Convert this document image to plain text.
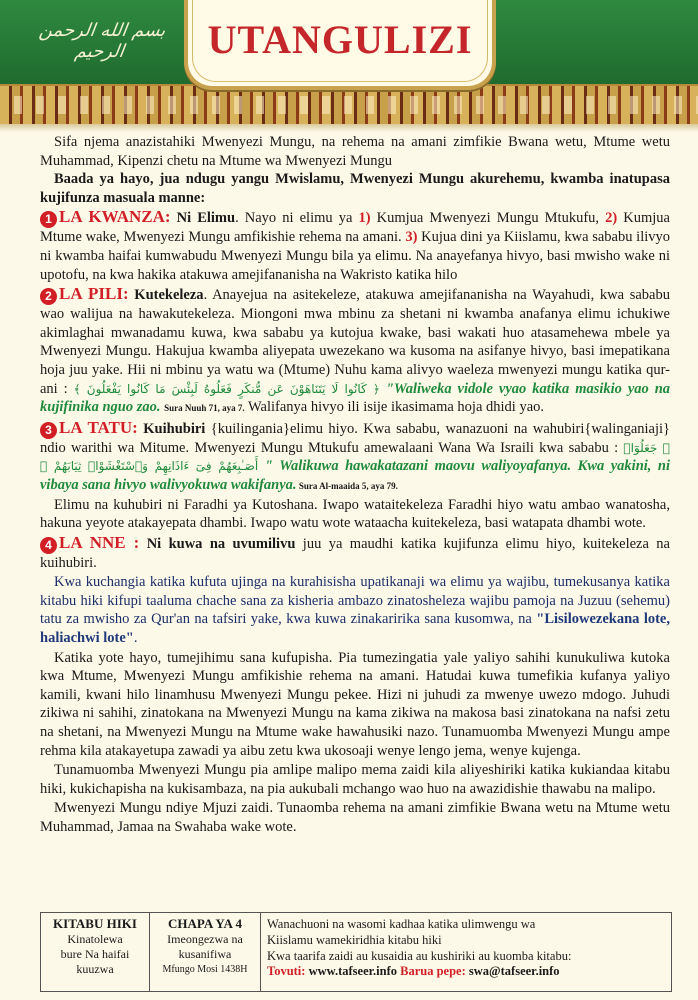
بسم الله الرحمن الرحيم	UTANGULIZI

Sifa njema anazistahiki Mwenyezi Mungu, na rehema na amani zimfikie Bwana wetu, Mtume wetu Muhammad, Kipenzi chetu na Mtume wa Mwenyezi Mungu

Baada ya hayo, jua ndugu yangu Mwislamu, Mwenyezi Mungu akurehemu, kwamba inatupasa kujifunza masuala manne:

1 LA KWANZA: Ni Elimu. Nayo ni elimu ya 1) Kumjua Mwenyezi Mungu Mtukufu, 2) Kumjua Mtume wake, Mwenyezi Mungu amfikishie rehema na amani. 3) Kujua dini ya Kiislamu, kwa sababu ilivyo ni kwamba haifai kumwabudu Mwenyezi Mungu bila ya elimu. Na anayefanya hivyo, basi mwisho wake ni upotofu, na kwa hakika atakuwa amejifananisha na Wakristo katika hilo

2 LA PILI: Kutekeleza. Anayejua na asitekeleze, atakuwa amejifananisha na Wayahudi, kwa sababu wao walijua na hawakutekeleza. Miongoni mwa mbinu za shetani ni kwamba anafanya elimu ichukiwe akimlaghai mwanadamu kuwa, kwa sababu ya kutojua kwake, basi wakati huo atasamehewa mbele ya Mwenyezi Mungu. Hakujua kwamba aliyepata uwezekano wa kusoma na asifanye hivyo, basi imepatikana hoja juu yake. Hii ni mbinu ya watu wa (Mtume) Nuhu kama alivyo waeleza mwenyezi mungu katika qur-ani : ﴿ كَانُوا لَا يَتَنَاهَوْنَ عَن مُّنكَرٍ فَعَلُوهُ لَبِئْسَ مَا كَانُوا يَفْعَلُونَ ﴾ "Waliweka vidole vyao katika masikio yao na kujifinika nguo zao. Sura Nuuh 71, aya 7. Walifanya hivyo ili isije ikasimama hoja dhidi yao.

3 LA TATU: Kuihubiri {kuilingania}elimu hiyo. Kwa sababu, wanazuoni na wahubiri{walinganiaji} ndio warithi wa Mitume. Mwenyezi Mungu Mtukufu amewalaani Wana Wa Israili kwa sababu : ﴿ جَعَلُوٓا۟ أَصَـٰبِعَهُمْ فِىٓ ءَاذَانِهِمْ وَٱسْتَغْشَوْا۟ ثِيَابَهُمْ ﴾ " Walikuwa hawakatazani maovu waliyoyafanya. Kwa yakini, ni vibaya sana hivyo walivyokuwa wakifanya. Sura Al-maaida 5, aya 79.

Elimu na kuhubiri ni Faradhi ya Kutoshana. Iwapo wataitekeleza Faradhi hiyo watu ambao wanatosha, hakuna yeyote atakayepata dhambi. Iwapo watu wote wataacha kuitekeleza, basi watapata dhambi wote.

4 LA NNE : Ni kuwa na uvumilivu juu ya maudhi katika kujifunza elimu hiyo, kuitekeleza na kuihubiri.

Kwa kuchangia katika kufuta ujinga na kurahisisha upatikanaji wa elimu ya wajibu, tumekusanya katika kitabu hiki kifupi taaluma chache sana za kisheria ambazo zinatosheleza wajibu pamoja na Juzuu (sehemu) tatu za mwisho za Qur'an na tafsiri yake, kwa kuwa zinakaririka sana kusomwa, na "Lisilowezekana lote, haliachwi lote".

Katika yote hayo, tumejihimu sana kufupisha. Pia tumezingatia yale yaliyo sahihi kunukuliwa kutoka kwa Mtume, Mwenyezi Mungu amfikishie rehema na amani. Hatudai kuwa tumefikia kufanya yaliyo kamili, kwani hilo linamhusu Mwenyezi Mungu pekee. Hizi ni juhudi za mwenye uwezo mdogo. Juhudi zikiwa ni sahihi, zinatokana na Mwenyezi Mungu na kama zikiwa na makosa basi zinatokana na nafsi zetu na shetani, na Mwenyezi Mungu na Mtume wake hawahusiki nazo. Tunamuomba Mwenyezi Mungu ampe rehma kila atakayetupa zawadi ya aibu zetu kwa ukosoaji wenye lengo jema, wenye kujenga.

Tunamuomba Mwenyezi Mungu pia amlipe malipo mema zaidi kila aliyeshiriki katika kukiandaa kitabu hiki, kukichapisha na kukisambaza, na pia aukubali mchango wao huo na awazidishie thawabu na malipo.

Mwenyezi Mungu ndiye Mjuzi zaidi. Tunaomba rehema na amani zimfikie Bwana wetu na Mtume wetu Muhammad, Jamaa na Swahaba wake wote.

KITABU HIKI
Kinatolewa
bure Na haifai
kuuzwa
CHAPA YA 4
Imeongezwa na
kusanifiwa
Mfungo Mosi 1438H
Wanachuoni na wasomi kadhaa katika ulimwengu wa
Kiislamu wamekiridhia kitabu hiki
Kwa taarifa zaidi au kusaidia au kushiriki au kuomba kitabu:
Tovuti: www.tafseer.info Barua pepe: swa@tafseer.info
